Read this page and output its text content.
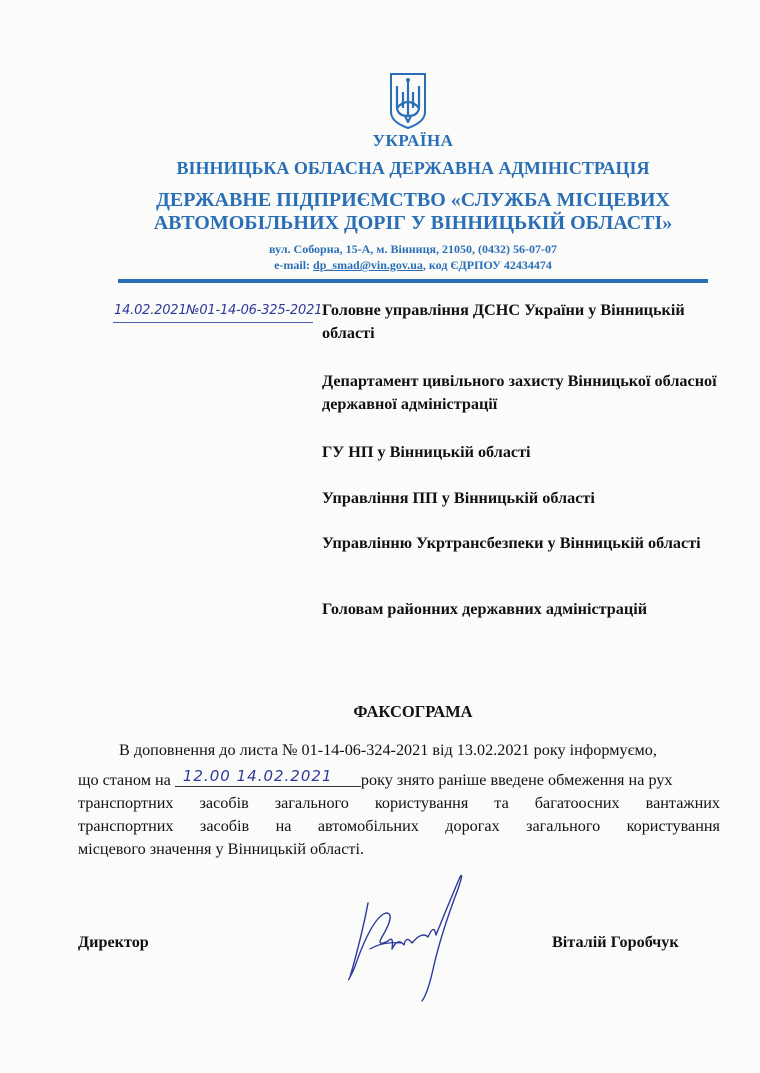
УКРАЇНА
ВІННИЦЬКА ОБЛАСНА ДЕРЖАВНА АДМІНІСТРАЦІЯ
ДЕРЖАВНЕ ПІДПРИЄМСТВО «СЛУЖБА МІСЦЕВИХ
АВТОМОБІЛЬНИХ ДОРІГ У ВІННИЦЬКІЙ ОБЛАСТІ»
вул. Соборна, 15-А, м. Вінниця, 21050, (0432) 56-07-07
e-mail: dp_smad@vin.gov.ua, код ЄДРПОУ 42434474
14.02.2021 №01-14-06-325-2021 Головне управління ДСНС України у Вінницькій області
Департамент цивільного захисту Вінницької обласної державної адміністрації
ГУ НП у Вінницькій області
Управління ПП у Вінницькій області
Управлінню Укртрансбезпеки у Вінницькій області
Головам районних державних адміністрацій
ФАКСОГРАМА
В доповнення до листа № 01-14-06-324-2021 від 13.02.2021 року інформуємо,
що станом на 12.00 14.02.2021 року знято раніше введене обмеження на рух
транспортних засобів загального користування та багатоосних вантажних
транспортних засобів на автомобільних дорогах загального користування
місцевого значення у Вінницькій області.
Директор	Віталій Горобчук
